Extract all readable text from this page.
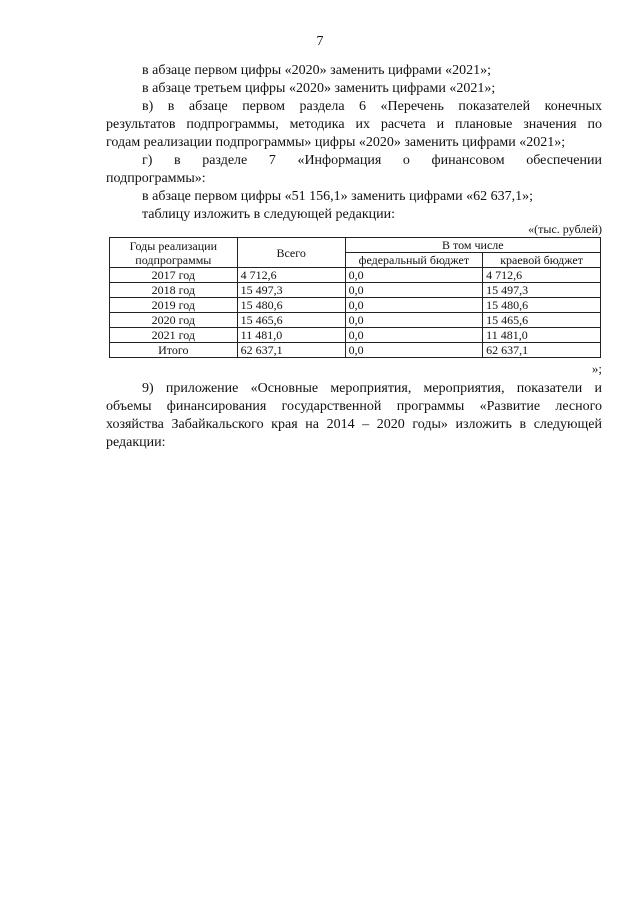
7

в абзаце первом цифры «2020» заменить цифрами «2021»;

в абзаце третьем цифры «2020» заменить цифрами «2021»;

в) в абзаце первом раздела 6 «Перечень показателей конечных

результатов подпрограммы, методика их расчета и плановые значения по

годам реализации подпрограммы» цифры «2020» заменить цифрами «2021»;

г) в разделе 7 «Информация о финансовом обеспечении

подпрограммы»:

в абзаце первом цифры «51 156,1» заменить цифрами «62 637,1»;

таблицу изложить в следующей редакции:

«(тыс. рублей)
Годы реализации подпрограммы	Всего	В том числе	
		федеральный бюджет	краевой бюджет
2017 год	4 712,6	0,0	4 712,6
2018 год	15 497,3	0,0	15 497,3
2019 год	15 480,6	0,0	15 480,6
2020 год	15 465,6	0,0	15 465,6
2021 год	11 481,0	0,0	11 481,0
Итого	62 637,1	0,0	62 637,1
»;

9) приложение «Основные мероприятия, мероприятия, показатели и

объемы финансирования государственной программы «Развитие лесного

хозяйства Забайкальского края на 2014 – 2020 годы» изложить в следующей

редакции:
